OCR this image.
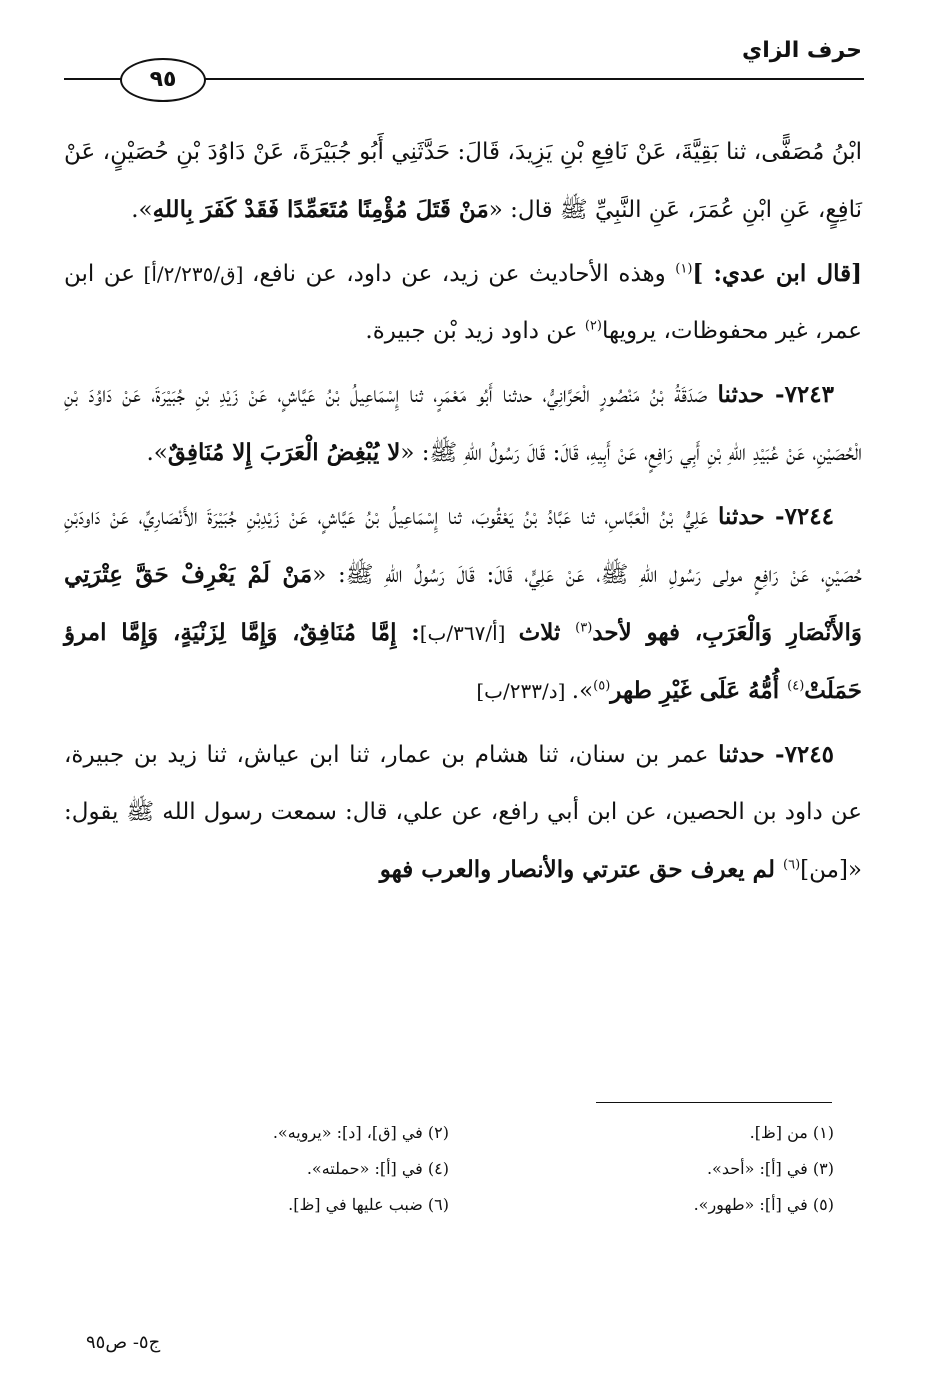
حرف الزاي
٩٥

ابْنُ مُصَفًّى، ثنا بَقِيَّةَ، عَنْ نَافِعِ بْنِ يَزِيدَ، قَالَ: حَدَّثَنِي أَبُو جُبَيْرَةَ، عَنْ دَاوُدَ بْنِ حُصَيْنٍ، عَنْ نَافِعٍ، عَنِ ابْنِ عُمَرَ، عَنِ النَّبِيِّ ﷺ قال: «مَنْ قَتَلَ مُؤْمِنًا مُتَعَمِّدًا فَقَدْ كَفَرَ بِاللهِ».

[قال ابن عدي: ]$^{(١)}$ وهذه الأحاديث عن زيد، عن داود، عن نافع، [ق/٢/٢٣٥/أ] عن ابن عمر، غير محفوظات، يرويها$^{(٢)}$ عن داود زيد بْن جبيرة.

٧٢٤٣- حدثنا صَدَقَةُ بْنُ مَنْصُورٍ الْحَرَّانِيُّ، حدثنا أَبُو مَعْمَرٍ، ثنا إِسْمَاعِيلُ بْنُ عَيَّاشٍ، عَنْ زَيْدِ بْنِ جُبَيْرَةَ، عَنْ دَاوُدَ بْنِ الْحُصَيْنِ، عَنْ عُبَيْدِ اللهِ بْنِ أَبِي رَافِعٍ، عَنْ أَبِيهِ، قَالَ: قَالَ رَسُولُ اللهِ ﷺ: «لا يُبْغِضُ الْعَرَبَ إِلا مُنَافِقٌ».

٧٢٤٤- حدثنا عَلِيُّ بْنُ الْعَبَّاسِ، ثنا عَبَّادُ بْنُ يَعْقُوبَ، ثنا إِسْمَاعِيلُ بْنُ عَيَّاشٍ، عَنْ زَيْدِبْنِ جُبَيْرَةَ الأَنْصَارِيِّ، عَنْ دَاودَبْنِ حُصَيْنٍ، عَنْ رَافِعٍ مولى رَسُولِ اللهِ ﷺ، عَنْ عَلِيٍّ، قَالَ: قَالَ رَسُولُ اللهِ ﷺ: «مَنْ لَمْ يَعْرِفْ حَقَّ عِتْرَتِي وَالأَنْصَارِ وَالْعَرَبِ، فهو لأحد$^{(٣)}$ ثلاث [أ/٣٦٧/ب]: إِمَّا مُنَافِقٌ، وَإِمَّا لِزَنْيَةٍ، وَإِمَّا امرؤ حَمَلَتْ$^{(٤)}$ أُمُّهُ عَلَى غَيْرِ طهر$^{(٥)}$». [د/٢٣٣/ب]

٧٢٤٥- حدثنا عمر بن سنان، ثنا هشام بن عمار، ثنا ابن عياش، ثنا زيد بن جبيرة، عن داود بن الحصين، عن ابن أبي رافع، عن علي، قال: سمعت رسول الله ﷺ يقول: «[من]$^{(٦)}$ لم يعرف حق عترتي والأنصار والعرب فهو

(١) من [ظ].
(٢) في [ق]، [د]: «يرويه».
(٣) في [أ]: «أحد».
(٤) في [أ]: «حملته».
(٥) في [أ]: «طهور».
(٦) ضبب عليها في [ظ].
ج٥- ص٩٥
